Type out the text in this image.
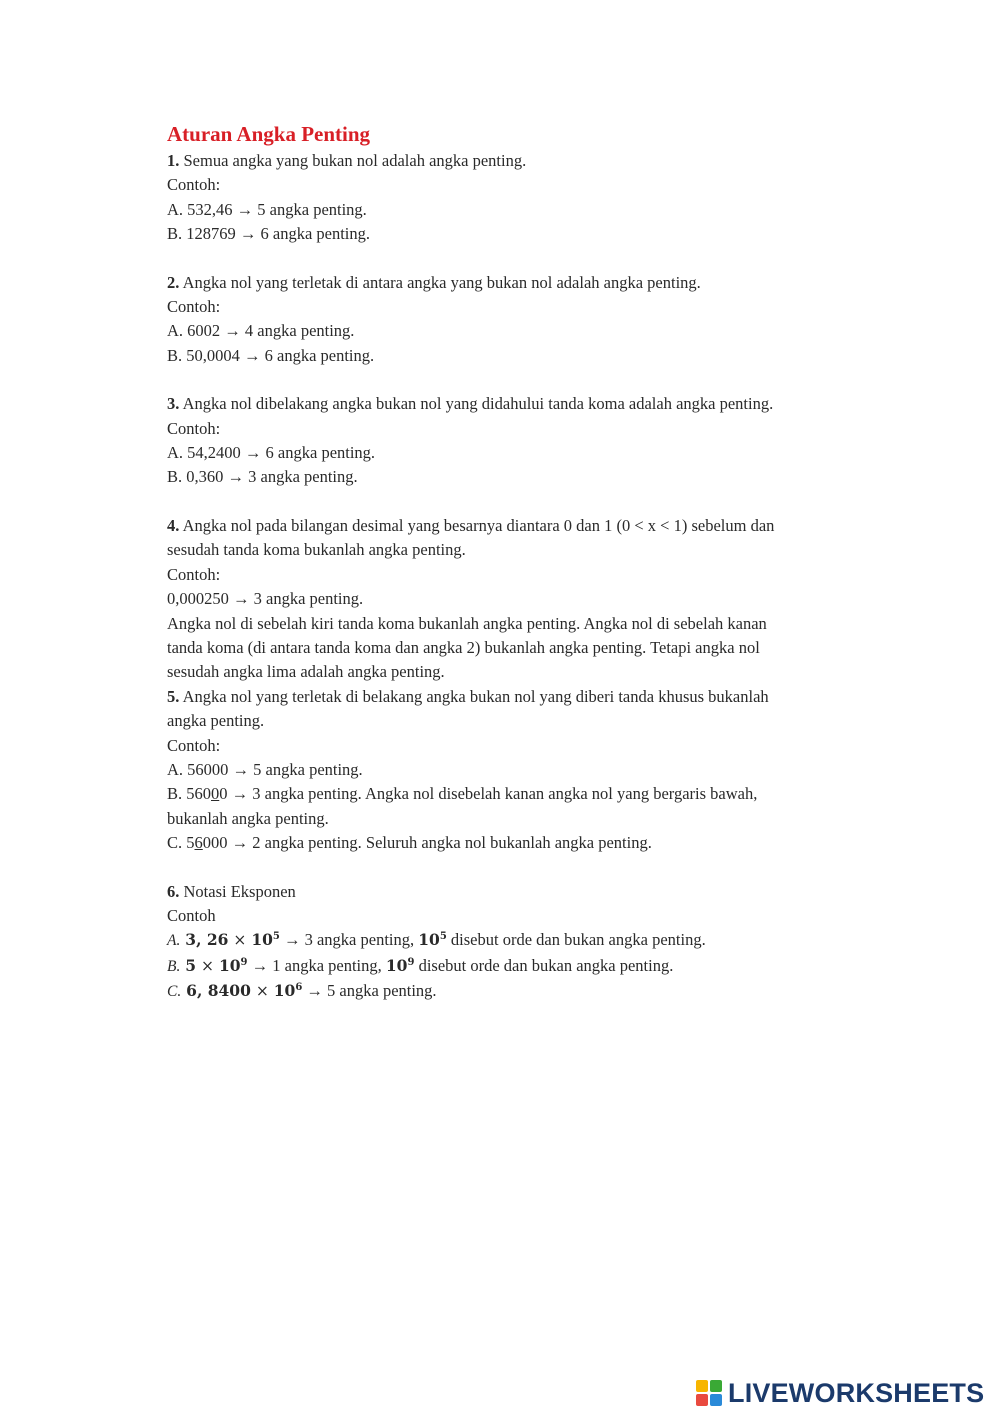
Aturan Angka Penting
1. Semua angka yang bukan nol adalah angka penting.
Contoh:
A. 532,46 → 5 angka penting.
B. 128769 → 6 angka penting.
2. Angka nol yang terletak di antara angka yang bukan nol adalah angka penting.
Contoh:
A. 6002 → 4 angka penting.
B. 50,0004 → 6 angka penting.
3. Angka nol dibelakang angka bukan nol yang didahului tanda koma adalah angka penting.
Contoh:
A. 54,2400 → 6 angka penting.
B. 0,360 → 3 angka penting.
4. Angka nol pada bilangan desimal yang besarnya diantara 0 dan 1 (0 < x < 1) sebelum dan
sesudah tanda koma bukanlah angka penting.
Contoh:
0,000250 → 3 angka penting.
Angka nol di sebelah kiri tanda koma bukanlah angka penting. Angka nol di sebelah kanan
tanda koma (di antara tanda koma dan angka 2) bukanlah angka penting. Tetapi angka nol
sesudah angka lima adalah angka penting.
5. Angka nol yang terletak di belakang angka bukan nol yang diberi tanda khusus bukanlah
angka penting.
Contoh:
A. 56000 → 5 angka penting.
B. 56000 → 3 angka penting. Angka nol disebelah kanan angka nol yang bergaris bawah,
bukanlah angka penting.
C. 56000 → 2 angka penting. Seluruh angka nol bukanlah angka penting.
6. Notasi Eksponen
Contoh
A. 3, $26 \times 10^5 \to 3$ angka penting, $10^5$ disebut orde dan bukan angka penting.
B. $5 \times 10^9 \to 1$ angka penting, $10^9$ disebut orde dan bukan angka penting.
C. 6, $8400 \times 10^6 \to 5$ angka penting.
LIVEWORKSHEETS
